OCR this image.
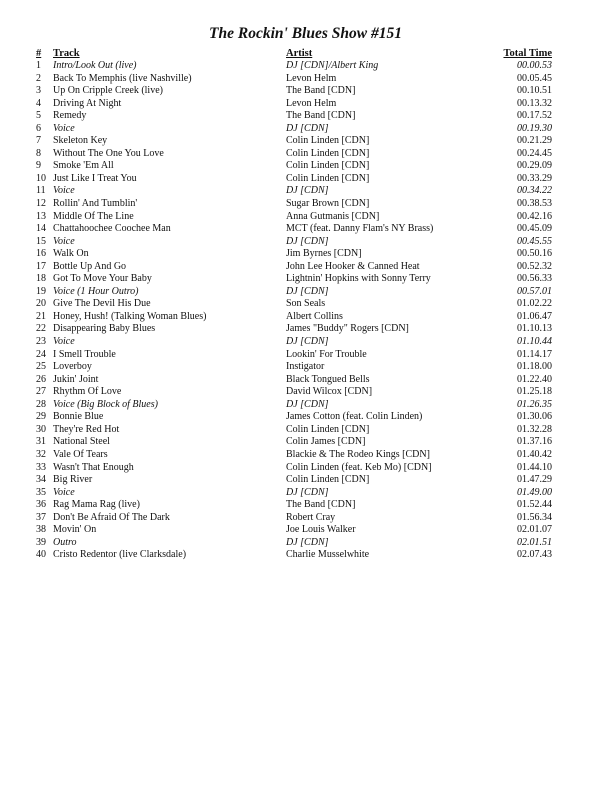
The Rockin' Blues Show #151
# Track	Artist	Total Time
1 Intro/Look Out (live)	DJ [CDN]/Albert King	00.00.53
2 Back To Memphis (live Nashville)	Levon Helm	00.05.45
3 Up On Cripple Creek (live)	The Band [CDN]	00.10.51
4 Driving At Night	Levon Helm	00.13.32
5 Remedy	The Band [CDN]	00.17.52
6 Voice	DJ [CDN]	00.19.30
7 Skeleton Key	Colin Linden [CDN]	00.21.29
8 Without The One You Love	Colin Linden [CDN]	00.24.45
9 Smoke 'Em All	Colin Linden [CDN]	00.29.09
10 Just Like I Treat You	Colin Linden [CDN]	00.33.29
11 Voice	DJ [CDN]	00.34.22
12 Rollin' And Tumblin'	Sugar Brown [CDN]	00.38.53
13 Middle Of The Line	Anna Gutmanis [CDN]	00.42.16
14 Chattahoochee Coochee Man	MCT (feat. Danny Flam's NY Brass)	00.45.09
15 Voice	DJ [CDN]	00.45.55
16 Walk On	Jim Byrnes [CDN]	00.50.16
17 Bottle Up And Go	John Lee Hooker & Canned Heat	00.52.32
18 Got To Move Your Baby	Lightnin' Hopkins with Sonny Terry	00.56.33
19 Voice (1 Hour Outro)	DJ [CDN]	00.57.01
20 Give The Devil His Due	Son Seals	01.02.22
21 Honey, Hush! (Talking Woman Blues)	Albert Collins	01.06.47
22 Disappearing Baby Blues	James "Buddy" Rogers [CDN]	01.10.13
23 Voice	DJ [CDN]	01.10.44
24 I Smell Trouble	Lookin' For Trouble	01.14.17
25 Loverboy	Instigator	01.18.00
26 Jukin' Joint	Black Tongued Bells	01.22.40
27 Rhythm Of Love	David Wilcox [CDN]	01.25.18
28 Voice (Big Block of Blues)	DJ [CDN]	01.26.35
29 Bonnie Blue	James Cotton (feat. Colin Linden)	01.30.06
30 They're Red Hot	Colin Linden [CDN]	01.32.28
31 National Steel	Colin James [CDN]	01.37.16
32 Vale Of Tears	Blackie & The Rodeo Kings [CDN]	01.40.42
33 Wasn't That Enough	Colin Linden (feat. Keb Mo) [CDN]	01.44.10
34 Big River	Colin Linden [CDN]	01.47.29
35 Voice	DJ [CDN]	01.49.00
36 Rag Mama Rag (live)	The Band [CDN]	01.52.44
37 Don't Be Afraid Of The Dark	Robert Cray	01.56.34
38 Movin' On	Joe Louis Walker	02.01.07
39 Outro	DJ [CDN]	02.01.51
40 Cristo Redentor (live Clarksdale)	Charlie Musselwhite	02.07.43
